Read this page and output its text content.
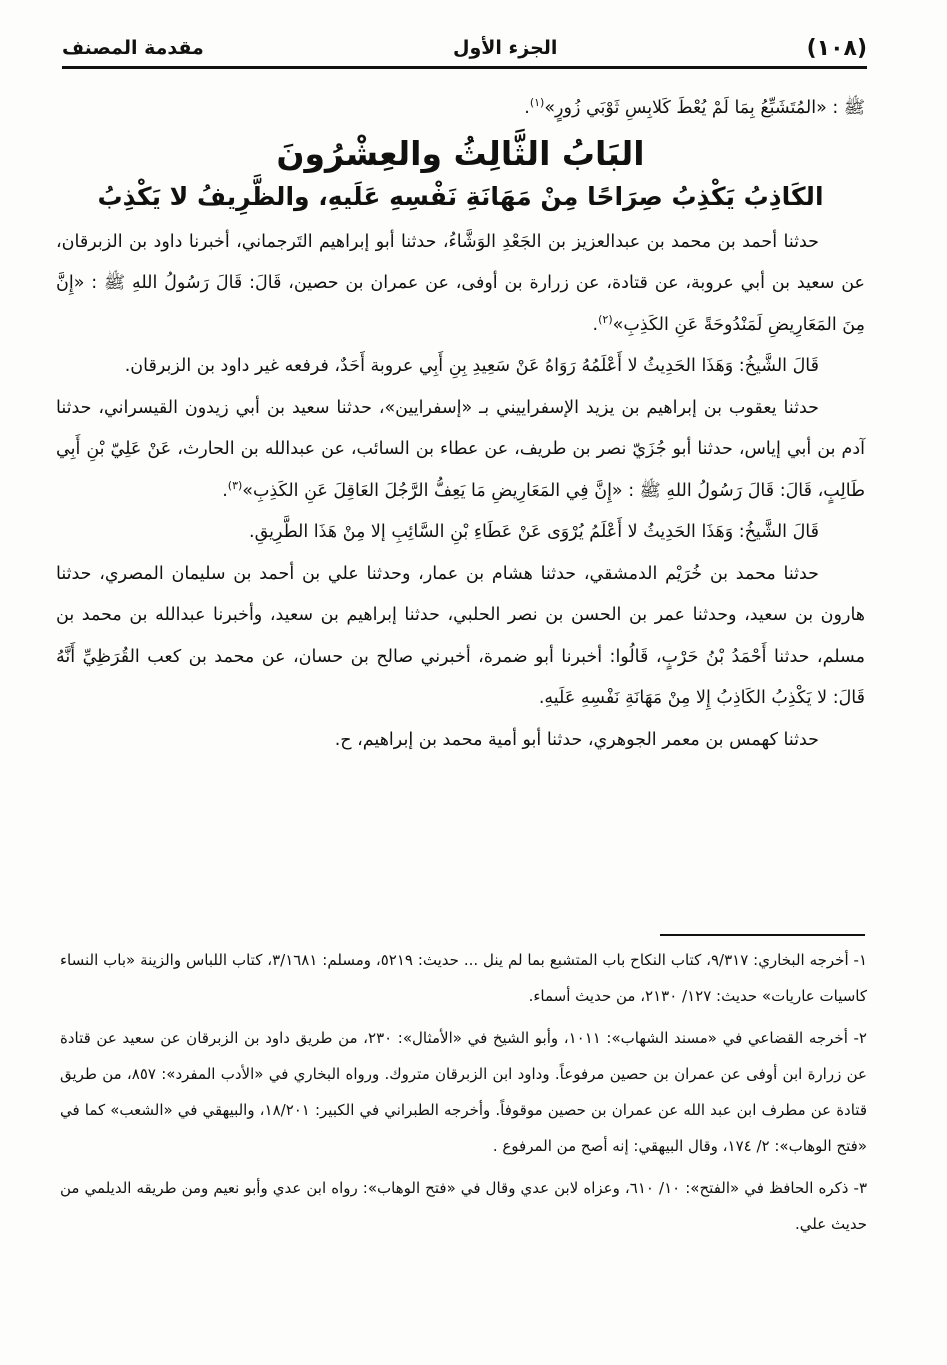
(١٠٨)
الجزء الأول
مقدمة المصنف

ﷺ : «المُتَشَبِّعُ بِمَا لَمْ يُعْطَ كَلابِسِ ثَوْبَي زُورٍ»$^{(١)}$.

البَابُ الثَّالِثُ والعِشْرُونَ
الكَاذِبُ يَكْذِبُ صِرَاحًا مِنْ مَهَانَةِ نَفْسِهِ عَلَيهِ، والظَّرِيفُ لا يَكْذِبُ

حدثنا أحمد بن محمد بن عبدالعزيز بن الجَعْدِ الوَشَّاءُ، حدثنا أبو إبراهيم التَرجماني، أخبرنا داود بن الزبرقان، عن سعيد بن أبي عروبة، عن قتادة، عن زرارة بن أوفى، عن عمران بن حصين، قَالَ: قَالَ رَسُولُ اللهِ ﷺ : «إِنَّ مِنَ المَعَارِيضِ لَمَنْدُوحَةً عَنِ الكَذِبِ»$^{(٢)}$.

قَالَ الشَّيخُ: وَهَذَا الحَدِيثُ لا أَعْلَمُهُ رَوَاهُ عَنْ سَعِيدِ بِنِ أَبِي عروبة أَحَدٌ، فرفعه غير داود بن الزبرقان.

حدثنا يعقوب بن إبراهيم بن يزيد الإسفراييني بـ «إسفرايين»، حدثنا سعيد بن أبي زيدون القيسراني، حدثنا آدم بن أبي إياس، حدثنا أبو جُزَيّ نصر بن طريف، عن عطاء بن السائب، عن عبدالله بن الحارث، عَنْ عَلِيّ بْنِ أَبِي طَالِبٍ، قَالَ: قَالَ رَسُولُ اللهِ ﷺ : «إِنَّ فِي المَعَارِيضِ مَا يَعِفُّ الرَّجُلَ العَاقِلَ عَنِ الكَذِبِ»$^{(٣)}$.

قَالَ الشَّيخُ: وَهَذَا الحَدِيثُ لا أَعْلَمُ يُرْوَى عَنْ عَطَاءِ بْنِ السَّائِبِ إلا مِنْ هَذَا الطَّرِيقِ.

حدثنا محمد بن خُرَيْم الدمشقي، حدثنا هشام بن عمار، وحدثنا علي بن أحمد بن سليمان المصري، حدثنا هارون بن سعيد، وحدثنا عمر بن الحسن بن نصر الحلبي، حدثنا إبراهيم بن سعيد، وأخبرنا عبدالله بن محمد بن مسلم، حدثنا أَحْمَدُ بْنُ حَرْبٍ، قَالُوا: أخبرنا أبو ضمرة، أخبرني صالح بن حسان، عن محمد بن كعب القُرَظِيِّ أَنَّهُ قَالَ: لا يَكْذِبُ الكَاذِبُ إِلا مِنْ مَهَانَةِ نَفْسِهِ عَلَيهِ.

حدثنا كهمس بن معمر الجوهري، حدثنا أبو أمية محمد بن إبراهيم، ح.

١- أخرجه البخاري: ٩/٣١٧، كتاب النكاح باب المتشبع بما لم ينل ... حديث: ٥٢١٩، ومسلم: ٣/١٦٨١، كتاب اللباس والزينة «باب النساء كاسيات عاريات» حديث: ١٢٧/ ٢١٣٠، من حديث أسماء.
٢- أخرجه القضاعي في «مسند الشهاب»: ١٠١١، وأبو الشيخ في «الأمثال»: ٢٣٠، من طريق داود بن الزبرقان عن سعيد عن قتادة عن زرارة ابن أوفى عن عمران بن حصين مرفوعاً. وداود ابن الزبرقان متروك. ورواه البخاري في «الأدب المفرد»: ٨٥٧، من طريق قتادة عن مطرف ابن عبد الله عن عمران بن حصين موقوفاً. وأخرجه الطبراني في الكبير: ١٨/٢٠١، والبيهقي في «الشعب» كما في «فتح الوهاب»: ٢/ ١٧٤، وقال البيهقي: إنه أصح من المرفوع .
٣- ذكره الحافظ في «الفتح»: ١٠/ ٦١٠، وعزاه لابن عدي وقال في «فتح الوهاب»: رواه ابن عدي وأبو نعيم ومن طريقه الديلمي من حديث علي.
